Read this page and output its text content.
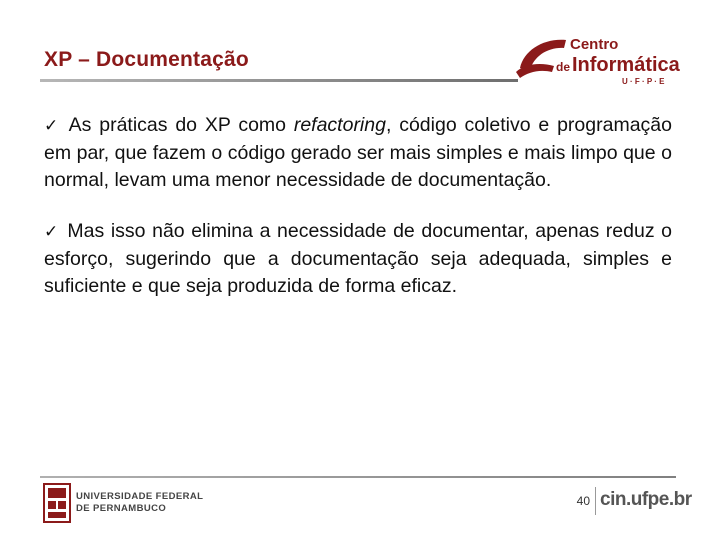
XP – Documentação
Centro
de Informática
U · F · P · E

✓ As práticas do XP como refactoring, código coletivo e programação em par, que fazem o código gerado ser mais simples e mais limpo que o normal, levam uma menor necessidade de documentação.

✓ Mas isso não elimina a necessidade de documentar, apenas reduz o esforço, sugerindo que a documentação seja adequada, simples e suficiente e que seja produzida de forma eficaz.

UNIVERSIDADE FEDERAL
DE PERNAMBUCO
40 cin.ufpe.br
